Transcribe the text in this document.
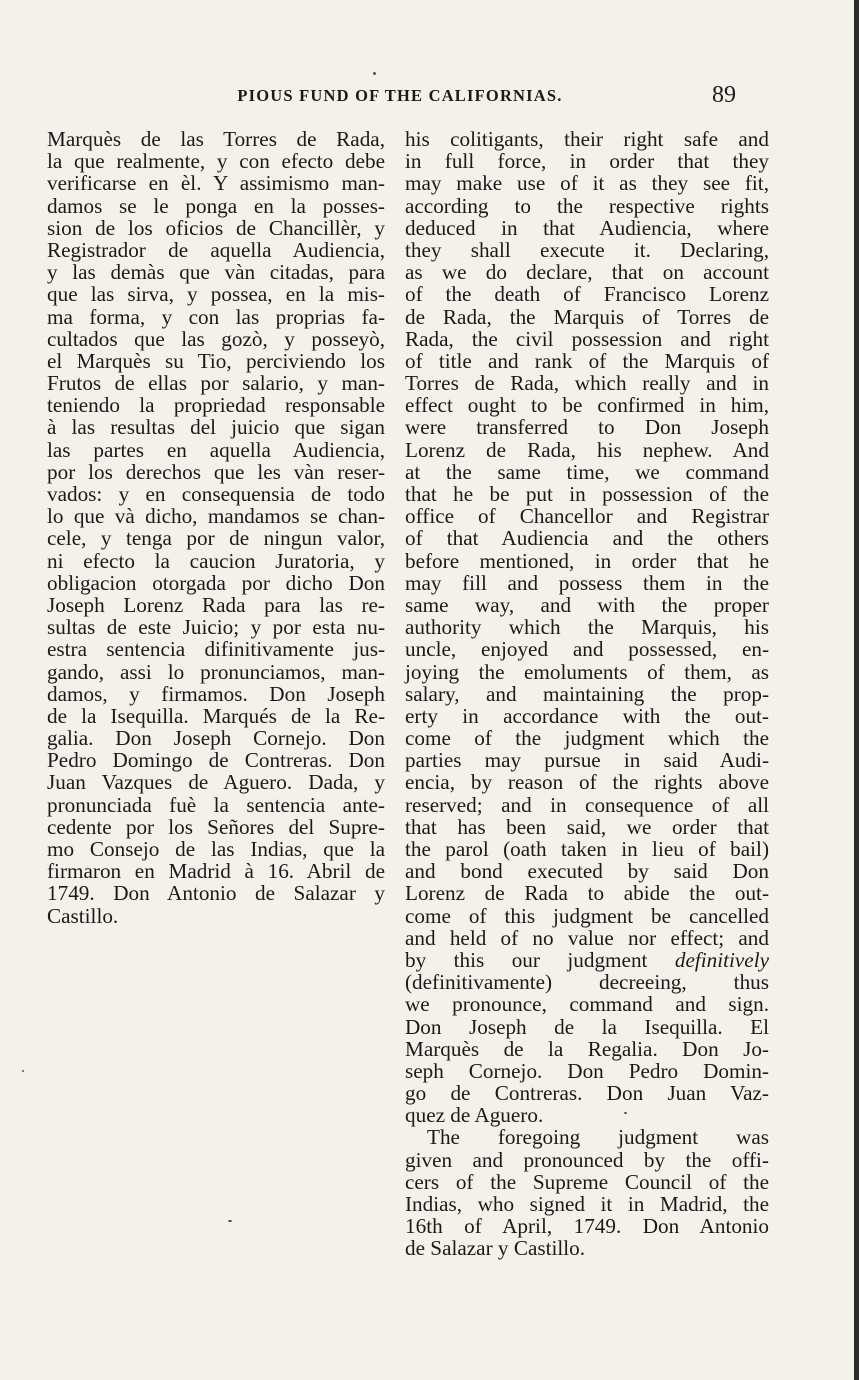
PIOUS FUND OF THE CALIFORNIAS.	89
Marquès de las Torres de Rada,
la que realmente, y con efecto debe
verificarse en èl. Y assimismo man-
damos se le ponga en la posses-
sion de los oficios de Chancillèr, y
Registrador de aquella Audiencia,
y las demàs que vàn citadas, para
que las sirva, y possea, en la mis-
ma forma, y con las proprias fa-
cultados que las gozò, y posseyò,
el Marquès su Tio, perciviendo los
Frutos de ellas por salario, y man-
teniendo la propriedad responsable
à las resultas del juicio que sigan
las partes en aquella Audiencia,
por los derechos que les vàn reser-
vados: y en consequensia de todo
lo que và dicho, mandamos se chan-
cele, y tenga por de ningun valor,
ni efecto la caucion Juratoria, y
obligacion otorgada por dicho Don
Joseph Lorenz Rada para las re-
sultas de este Juicio; y por esta nu-
estra sentencia difinitivamente jus-
gando, assi lo pronunciamos, man-
damos, y firmamos. Don Joseph
de la Isequilla. Marqués de la Re-
galia. Don Joseph Cornejo. Don
Pedro Domingo de Contreras. Don
Juan Vazques de Aguero. Dada, y
pronunciada fuè la sentencia ante-
cedente por los Señores del Supre-
mo Consejo de las Indias, que la
firmaron en Madrid à 16. Abril de
1749. Don Antonio de Salazar y
Castillo.
his colitigants, their right safe and
in full force, in order that they
may make use of it as they see fit,
according to the respective rights
deduced in that Audiencia, where
they shall execute it. Declaring,
as we do declare, that on account
of the death of Francisco Lorenz
de Rada, the Marquis of Torres de
Rada, the civil possession and right
of title and rank of the Marquis of
Torres de Rada, which really and in
effect ought to be confirmed in him,
were transferred to Don Joseph
Lorenz de Rada, his nephew. And
at the same time, we command
that he be put in possession of the
office of Chancellor and Registrar
of that Audiencia and the others
before mentioned, in order that he
may fill and possess them in the
same way, and with the proper
authority which the Marquis, his
uncle, enjoyed and possessed, en-
joying the emoluments of them, as
salary, and maintaining the prop-
erty in accordance with the out-
come of the judgment which the
parties may pursue in said Audi-
encia, by reason of the rights above
reserved; and in consequence of all
that has been said, we order that
the parol (oath taken in lieu of bail)
and bond executed by said Don
Lorenz de Rada to abide the out-
come of this judgment be cancelled
and held of no value nor effect; and
by this our judgment definitively
(definitivamente) decreeing, thus
we pronounce, command and sign.
Don Joseph de la Isequilla. El
Marquès de la Regalia. Don Jo-
seph Cornejo. Don Pedro Domin-
go de Contreras. Don Juan Vaz-
quez de Aguero.
The foregoing judgment was
given and pronounced by the offi-
cers of the Supreme Council of the
Indias, who signed it in Madrid, the
16th of April, 1749. Don Antonio
de Salazar y Castillo.
